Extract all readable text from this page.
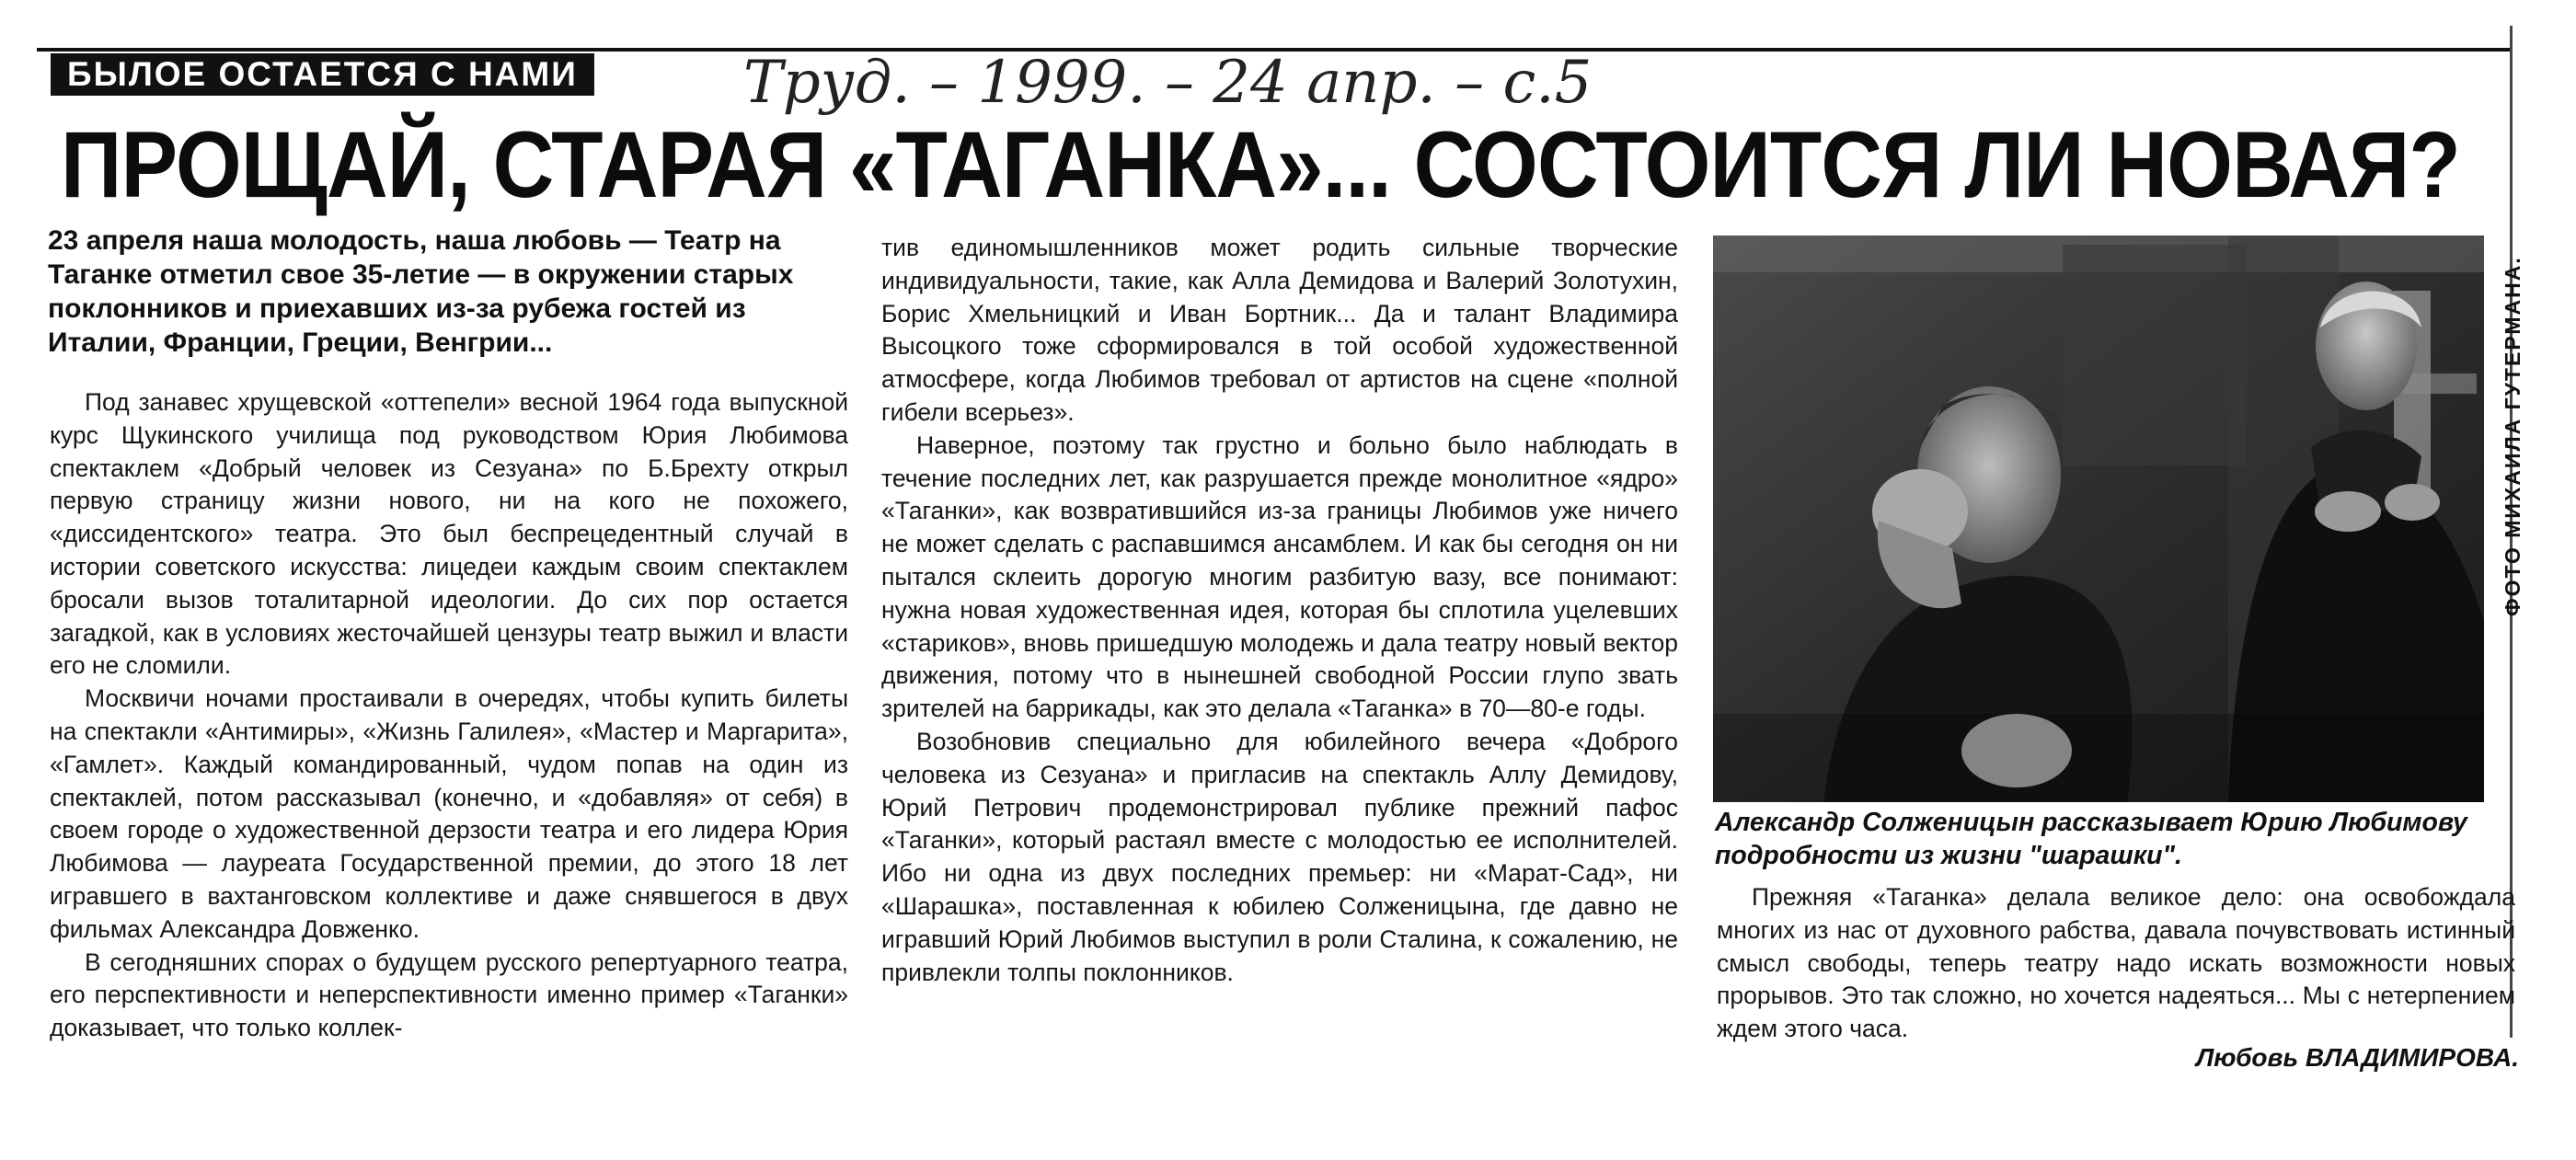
БЫЛОЕ ОСТАЕТСЯ С НАМИ	Труд. – 1999. – 24 апр. – с.5
ПРОЩАЙ, СТАРАЯ «ТАГАНКА»... СОСТОИТСЯ ЛИ НОВАЯ?
23 апреля наша молодость, наша любовь — Театр на Таганке отметил свое 35-летие — в окружении старых поклонников и приехавших из-за рубежа гостей из Италии, Франции, Греции, Венгрии...

Под занавес хрущевской «оттепели» весной 1964 года выпускной курс Щукинского училища под руководством Юрия Любимова спектаклем «Добрый человек из Сезуана» по Б.Брехту открыл первую страницу жизни нового, ни на кого не похожего, «диссидентского» театра. Это был беспрецедентный случай в истории советского искусства: лицедеи каждым своим спектаклем бросали вызов тоталитарной идеологии. До сих пор остается загадкой, как в условиях жесточайшей цензуры театр выжил и власти его не сломили.

Москвичи ночами простаивали в очередях, чтобы купить билеты на спектакли «Антимиры», «Жизнь Галилея», «Мастер и Маргарита», «Гамлет». Каждый командированный, чудом попав на один из спектаклей, потом рассказывал (конечно, и «добавляя» от себя) в своем городе о художественной дерзости театра и его лидера Юрия Любимова — лауреата Государственной премии, до этого 18 лет игравшего в вахтанговском коллективе и даже снявшегося в двух фильмах Александра Довженко.

В сегодняшних спорах о будущем русского репертуарного театра, его перспективности и неперспективности именно пример «Таганки» доказывает, что только коллек-

тив единомышленников может родить сильные творческие индивидуальности, такие, как Алла Демидова и Валерий Золотухин, Борис Хмельницкий и Иван Бортник... Да и талант Владимира Высоцкого тоже сформировался в той особой художественной атмосфере, когда Любимов требовал от артистов на сцене «полной гибели всерьез».

Наверное, поэтому так грустно и больно было наблюдать в течение последних лет, как разрушается прежде монолитное «ядро» «Таганки», как возвратившийся из-за границы Любимов уже ничего не может сделать с распавшимся ансамблем. И как бы сегодня он ни пытался склеить дорогую многим разбитую вазу, все понимают: нужна новая художественная идея, которая бы сплотила уцелевших «стариков», вновь пришедшую молодежь и дала театру новый вектор движения, потому что в нынешней свободной России глупо звать зрителей на баррикады, как это делала «Таганка» в 70—80-е годы.

Возобновив специально для юбилейного вечера «Доброго человека из Сезуана» и пригласив на спектакль Аллу Демидову, Юрий Петрович продемонстрировал публике прежний пафос «Таганки», который растаял вместе с молодостью ее исполнителей. Ибо ни одна из двух последних премьер: ни «Марат-Сад», ни «Шарашка», поставленная к юбилею Солженицына, где давно не игравший Юрий Любимов выступил в роли Сталина, к сожалению, не привлекли толпы поклонников.

ФОТО МИХАИЛА ГУТЕРМАНА.
Александр Солженицын рассказывает Юрию Любимову подробности из жизни "шарашки".

Прежняя «Таганка» делала великое дело: она освобождала многих из нас от духовного рабства, давала почувствовать истинный смысл свободы, теперь театру надо искать возможности новых прорывов. Это так сложно, но хочется надеяться... Мы с нетерпением ждем этого часа.

Любовь ВЛАДИМИРОВА.
